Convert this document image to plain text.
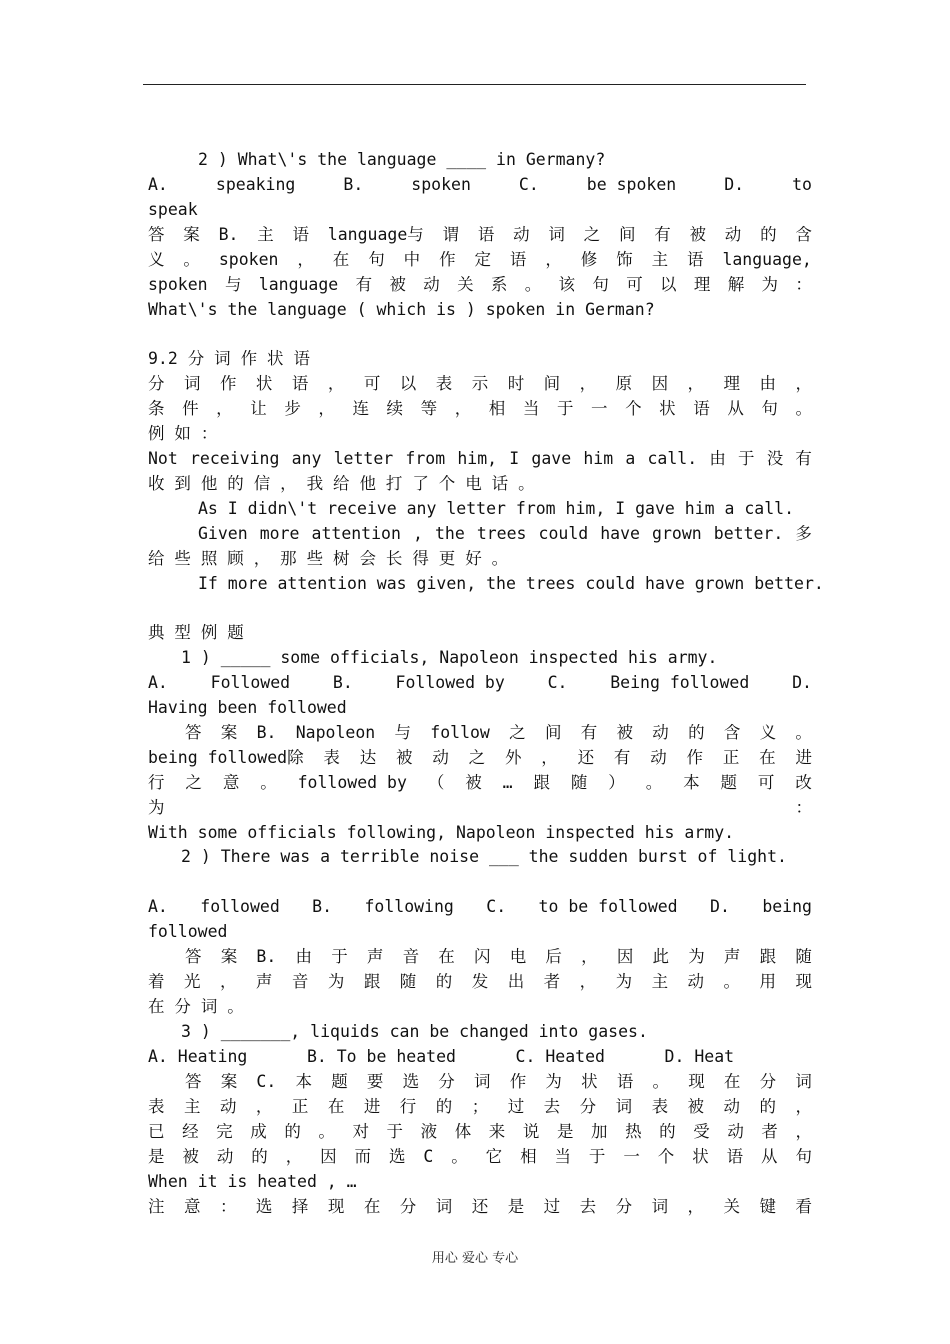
2 ) What\'s the language ____ in Germany?
A.	speaking	B.	spoken	C.	be spoken	D.	to
speak
答 案 B. 主 语 language与 谓 语 动 词 之 间 有 被 动 的 含
义 。 spoken ， 在 句 中 作 定 语 ， 修 饰 主 语 language,
spoken 与 language 有 被 动 关 系 。 该 句 可 以 理 解 为 ：
What\'s the language ( which is ) spoken in German?
9.2 分 词 作 状 语
分 词 作 状 语 ， 可 以 表 示 时 间 ， 原 因 ， 理 由 ，
条 件 ， 让 步 ， 连 续 等 ， 相 当 于 一 个 状 语 从 句 。
例 如 ：
Not receiving any letter from him, I gave him a call. 由 于 没 有
收 到 他 的 信 ， 我 给 他 打 了 个 电 话 。
As I didn\'t receive any letter from him, I gave him a call.
Given more attention , the trees could have grown better. 多
给 些 照 顾 ， 那 些 树 会 长 得 更 好 。
If more attention was given, the trees could have grown better.
典 型 例 题
1 ) _____ some officials, Napoleon inspected his army.
A.	Followed	B.	Followed by	C.	Being followed	D.
Having been followed
答 案 B. Napoleon 与 follow 之 间 有 被 动 的 含 义 。
being followed除 表 达 被 动 之 外 ， 还 有 动 作 正 在 进
行 之 意 。 followed by （ 被 … 跟 随 ） 。 本 题 可 改
为	：
With some officials following, Napoleon inspected his army.
2 ) There was a terrible noise ___ the sudden burst of light.
A. followed B. following C. to be followed D. being
followed
答 案 B. 由 于 声 音 在 闪 电 后 ， 因 此 为 声 跟 随
着 光 ， 声 音 为 跟 随 的 发 出 者 ， 为 主 动 。 用 现
在 分 词 。
3 ) _______, liquids can be changed into gases.
A. Heating      B. To be heated      C. Heated      D. Heat
答 案 C. 本 题 要 选 分 词 作 为 状 语 。 现 在 分 词
表 主 动 ， 正 在 进 行 的 ； 过 去 分 词 表 被 动 的 ，
已 经 完 成 的 。 对 于 液 体 来 说 是 加 热 的 受 动 者 ，
是 被 动 的 ， 因 而 选 C 。 它 相 当 于 一 个 状 语 从 句
When it is heated , …
注 意 ： 选 择 现 在 分 词 还 是 过 去 分 词 ， 关 键 看
用心 爱心 专心
